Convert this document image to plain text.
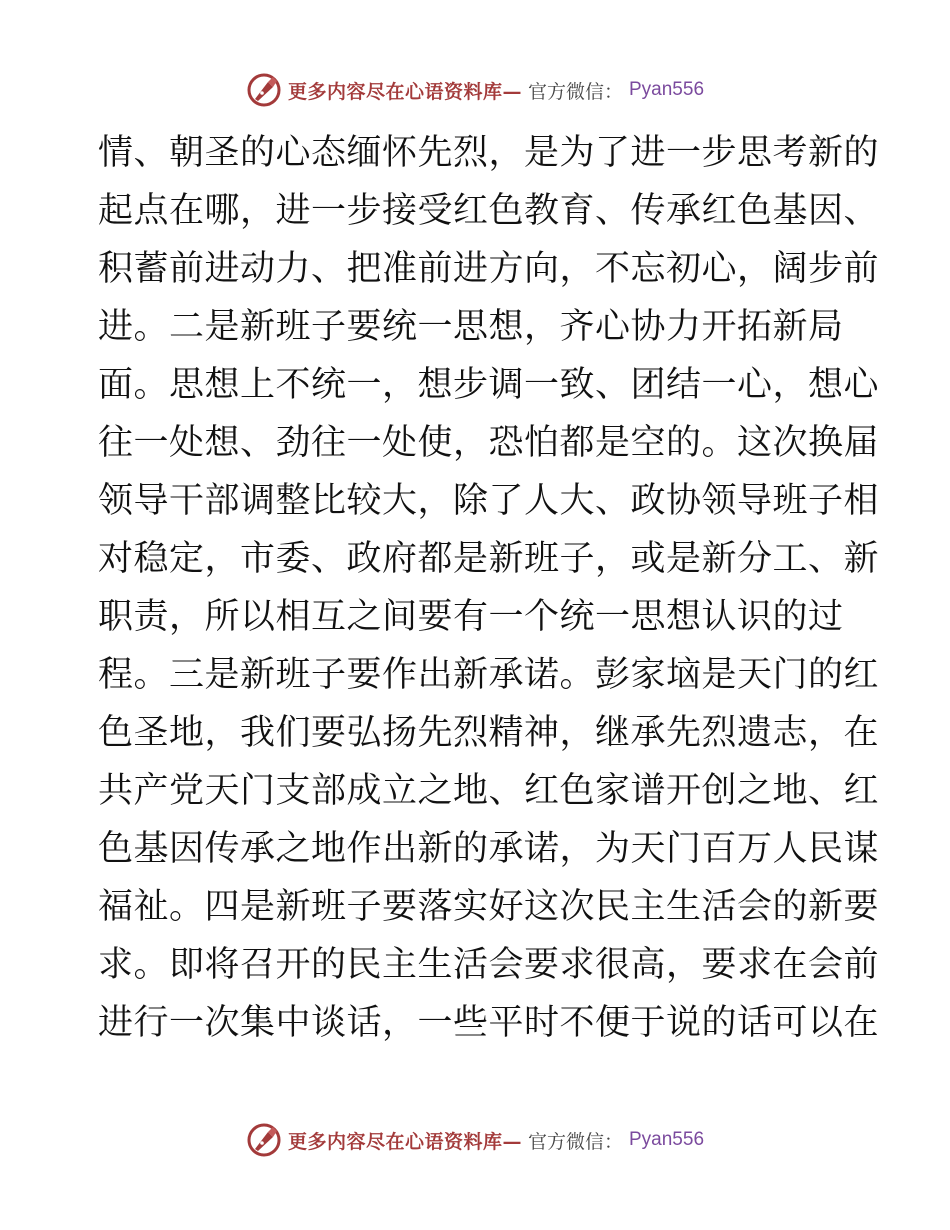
更多内容尽在心语资料库— 官方微信： Pyan556
情、朝圣的心态缅怀先烈，是为了进一步思考新的
起点在哪，进一步接受红色教育、传承红色基因、
积蓄前进动力、把准前进方向，不忘初心，阔步前
进。二是新班子要统一思想，齐心协力开拓新局
面。思想上不统一，想步调一致、团结一心，想心
往一处想、劲往一处使，恐怕都是空的。这次换届
领导干部调整比较大，除了人大、政协领导班子相
对稳定，市委、政府都是新班子，或是新分工、新
职责，所以相互之间要有一个统一思想认识的过
程。三是新班子要作出新承诺。彭家垴是天门的红
色圣地，我们要弘扬先烈精神，继承先烈遗志，在
共产党天门支部成立之地、红色家谱开创之地、红
色基因传承之地作出新的承诺，为天门百万人民谋
福祉。四是新班子要落实好这次民主生活会的新要
求。即将召开的民主生活会要求很高，要求在会前
进行一次集中谈话，一些平时不便于说的话可以在
更多内容尽在心语资料库— 官方微信： Pyan556
